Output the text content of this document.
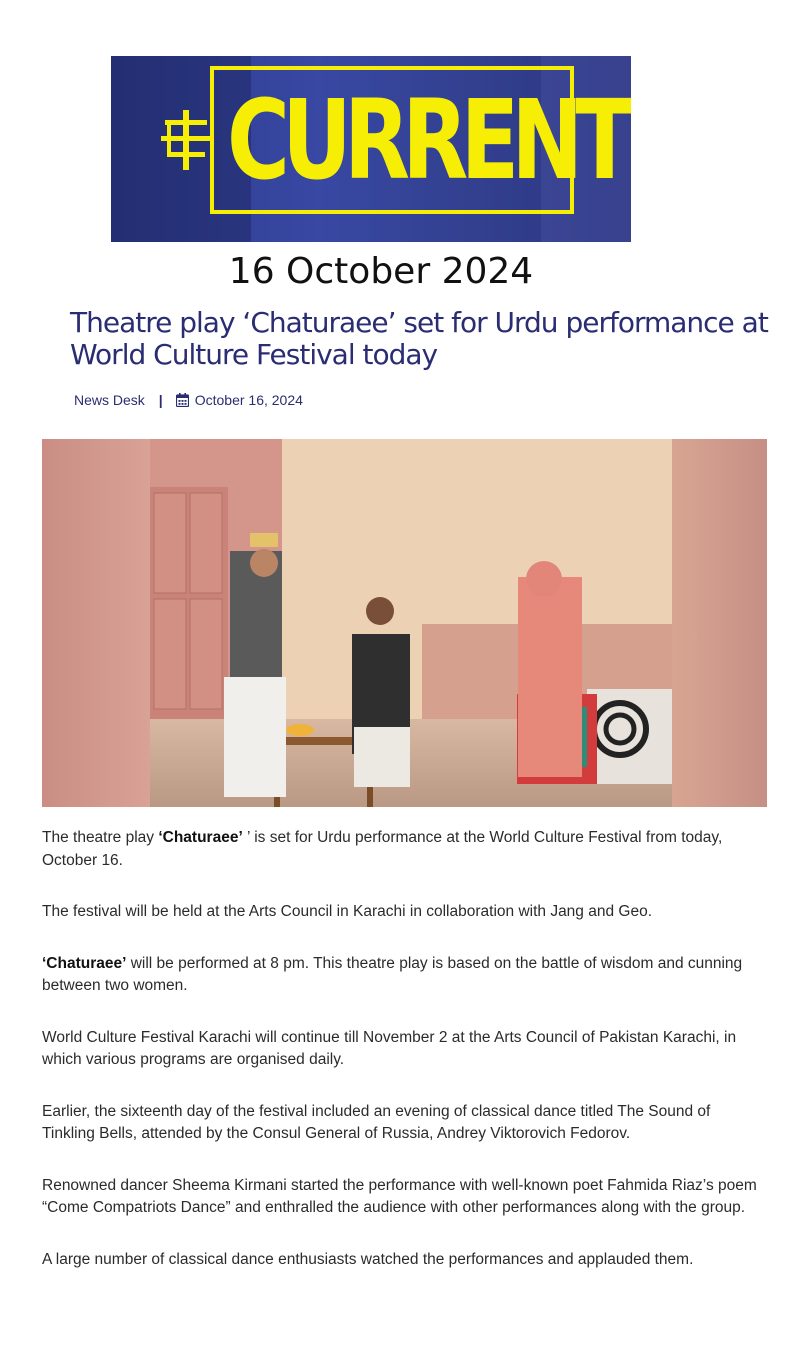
CURRENT
16 October 2024
Theatre play ‘Chaturaee’ set for Urdu performance at World Culture Festival today
News Desk | October 16, 2024

The theatre play ‘Chaturaee’ ’ is set for Urdu performance at the World Culture Festival from today, October 16.

The festival will be held at the Arts Council in Karachi in collaboration with Jang and Geo.

‘Chaturaee’ will be performed at 8 pm. This theatre play is based on the battle of wisdom and cunning between two women.

World Culture Festival Karachi will continue till November 2 at the Arts Council of Pakistan Karachi, in which various programs are organised daily.

Earlier, the sixteenth day of the festival included an evening of classical dance titled The Sound of Tinkling Bells, attended by the Consul General of Russia, Andrey Viktorovich Fedorov.

Renowned dancer Sheema Kirmani started the performance with well-known poet Fahmida Riaz’s poem “Come Compatriots Dance” and enthralled the audience with other performances along with the group.

A large number of classical dance enthusiasts watched the performances and applauded them.
